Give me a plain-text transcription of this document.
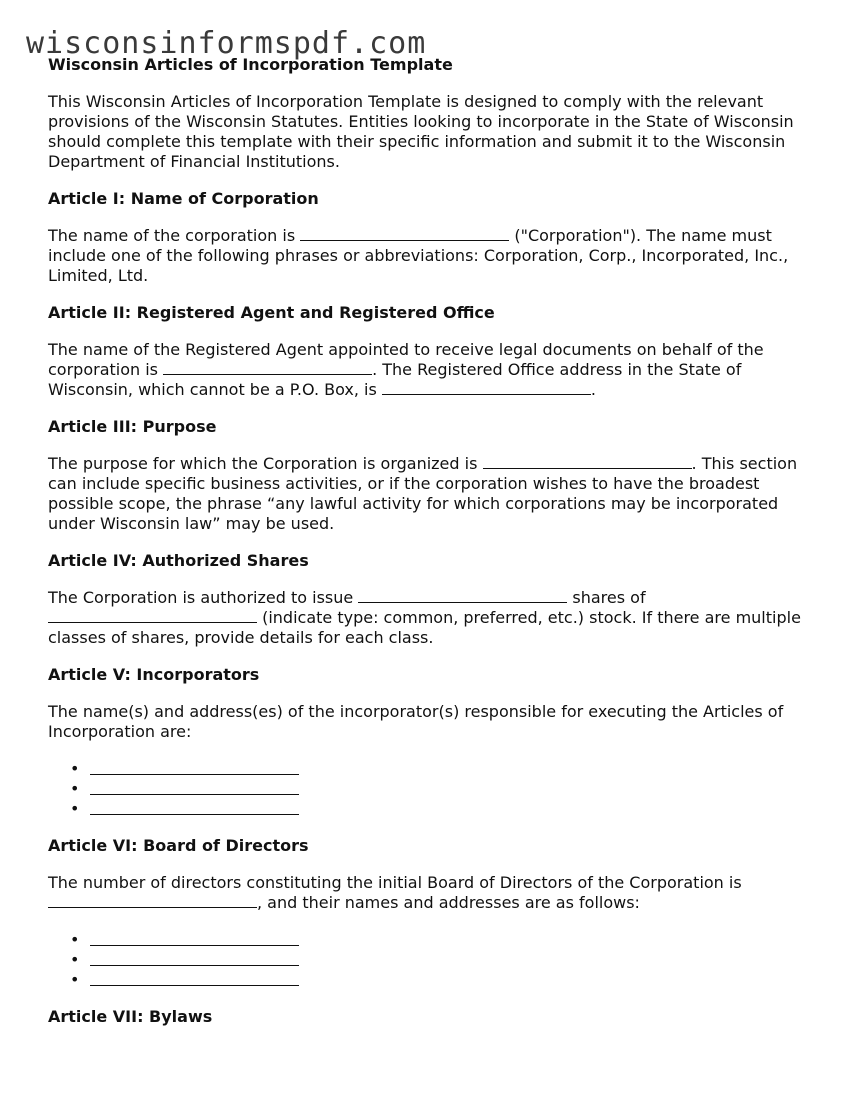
wisconsinformspdf.com
Wisconsin Articles of Incorporation Template
This Wisconsin Articles of Incorporation Template is designed to comply with the relevant provisions of the Wisconsin Statutes. Entities looking to incorporate in the State of Wisconsin should complete this template with their specific information and submit it to the Wisconsin Department of Financial Institutions.
Article I: Name of Corporation
The name of the corporation is	("Corporation"). The name must include one of the following phrases or abbreviations: Corporation, Corp., Incorporated, Inc., Limited, Ltd.
Article II: Registered Agent and Registered Office
The name of the Registered Agent appointed to receive legal documents on behalf of the corporation is	. The Registered Office address in the State of Wisconsin, which cannot be a P.O. Box, is	.
Article III: Purpose
The purpose for which the Corporation is organized is	. This section can include specific business activities, or if the corporation wishes to have the broadest possible scope, the phrase “any lawful activity for which corporations may be incorporated under Wisconsin law” may be used.
Article IV: Authorized Shares
The Corporation is authorized to issue	shares of  (indicate type: common, preferred, etc.) stock. If there are multiple classes of shares, provide details for each class.
Article V: Incorporators
The name(s) and address(es) of the incorporator(s) responsible for executing the Articles of Incorporation are:
•
•
•
Article VI: Board of Directors
The number of directors constituting the initial Board of Directors of the Corporation is , and their names and addresses are as follows:
•
•
•
Article VII: Bylaws
